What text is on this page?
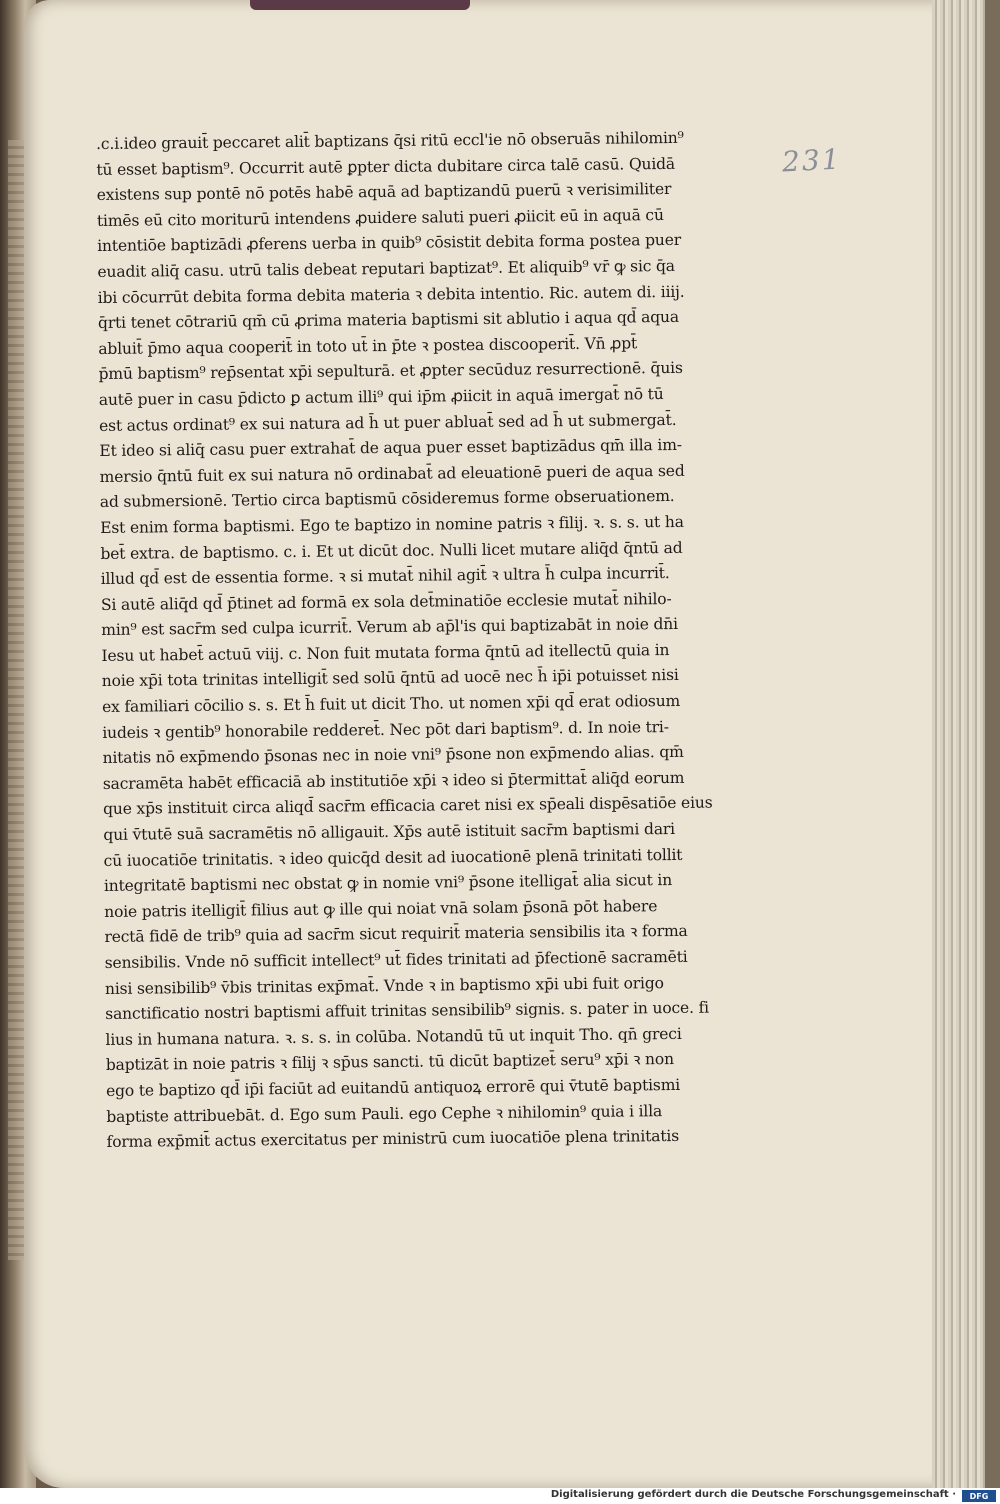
231
.c.i.ideo grauit̄ peccaret alit̄ baptizans q̄si ritū eccl'ie nō obseruās nihilomin⁹
tū esset baptism⁹. Occurrit autē ꝑpter dicta dubitare circa talē casū. Quidā
existens sup pontē nō potēs habē aquā ad baptizandū puerū ꝛ verisimiliter
timēs eū cito moriturū intendens ꝓuidere saluti pueri ꝓiicit eū in aquā cū
intentiōe baptizādi ꝓferens uerba in quib⁹ cōsistit debita forma postea puer
euadit aliq̄ casu. utrū talis debeat reputari baptizat⁹. Et aliquib⁹ vr̄ ꝙ sic q̄a
ibi cōcurrūt debita forma debita materia ꝛ debita intentio. Ric. autem di. iiij.
q̄rti tenet cōtrariū qm̄ cū ꝓrima materia baptismi sit ablutio i aqua qd̄ aqua
abluit̄ p̄mo aqua cooperit̄ in toto ut̄ in p̄te ꝛ postea discooperit̄. Vn̄ ꝓpt̄
p̄mū baptism⁹ rep̄sentat xp̄i sepulturā. et ꝓpter secūduz resurrectionē. q̄uis
autē puer in casu p̄dicto ꝑ actum illi⁹ qui ip̄m ꝓiicit in aquā imergat̄ nō tū
est actus ordinat⁹ ex sui natura ad h̄ ut puer abluat̄ sed ad h̄ ut submergat̄.
Et ideo si aliq̄ casu puer extrahat̄ de aqua puer esset baptizādus qm̄ illa im-
mersio q̄ntū fuit ex sui natura nō ordinabat̄ ad eleuationē pueri de aqua sed
ad submersionē. Tertio circa baptismū cōsideremus forme obseruationem.
Est enim forma baptismi. Ego te baptizo in nomine patris ꝛ filij. ꝛ. s. s. ut ha
bet̄ extra. de baptismo. c. i. Et ut dicūt doc. Nulli licet mutare aliq̄d q̄ntū ad
illud qd̄ est de essentia forme. ꝛ si mutat̄ nihil agit̄ ꝛ ultra h̄ culpa incurrit̄.
Si autē aliq̄d qd̄ p̄tinet ad formā ex sola det̄minatiōe ecclesie mutat̄ nihilo-
min⁹ est sacr̄m sed culpa icurrit̄. Verum ab ap̄l'is qui baptizabāt in noie dn̄i
Iesu ut habet̄ actuū viij. c. Non fuit mutata forma q̄ntū ad itellectū quia in
noie xp̄i tota trinitas intelligit̄ sed solū q̄ntū ad uocē nec h̄ ip̄i potuisset nisi
ex familiari cōcilio s. s. Et h̄ fuit ut dicit Tho. ut nomen xp̄i qd̄ erat odiosum
iudeis ꝛ gentib⁹ honorabile redderet̄. Nec pōt dari baptism⁹. d. In noie tri-
nitatis nō exp̄mendo p̄sonas nec in noie vni⁹ p̄sone non exp̄mendo alias. qm̄
sacramēta habēt efficaciā ab institutiōe xp̄i ꝛ ideo si p̄termittat̄ aliq̄d eorum
que xp̄s instituit circa aliqd̄ sacr̄m efficacia caret nisi ex sp̄eali dispēsatiōe eius
qui v̄tutē suā sacramētis nō alligauit. Xp̄s autē istituit sacr̄m baptismi dari
cū iuocatiōe trinitatis. ꝛ ideo quicq̄d desit ad iuocationē plenā trinitati tollit
integritatē baptismi nec obstat ꝙ in nomie vni⁹ p̄sone itelligat̄ alia sicut in
noie patris itelligit̄ filius aut ꝙ ille qui noiat vnā solam p̄sonā pōt habere
rectā fidē de trib⁹ quia ad sacr̄m sicut requirit̄ materia sensibilis ita ꝛ forma
sensibilis. Vnde nō sufficit intellect⁹ ut̄ fides trinitati ad p̄fectionē sacramēti
nisi sensibilib⁹ v̄bis trinitas exp̄mat̄. Vnde ꝛ in baptismo xp̄i ubi fuit origo
sanctificatio nostri baptismi affuit trinitas sensibilib⁹ signis. s. pater in uoce. fi
lius in humana natura. ꝛ. s. s. in colūba. Notandū tū ut inquit Tho. qn̄ greci
baptizāt in noie patris ꝛ filij ꝛ sp̄us sancti. tū dicūt baptizet̄ seru⁹ xp̄i ꝛ non
ego te baptizo qd̄ ip̄i faciūt ad euitandū antiquoꝝ errorē qui v̄tutē baptismi
baptiste attribuebāt. d. Ego sum Pauli. ego Cephe ꝛ nihilomin⁹ quia i illa
forma exp̄mit̄ actus exercitatus per ministrū cum iuocatiōe plena trinitatis
Digitalisierung gefördert durch die Deutsche Forschungsgemeinschaft ·	DFG
